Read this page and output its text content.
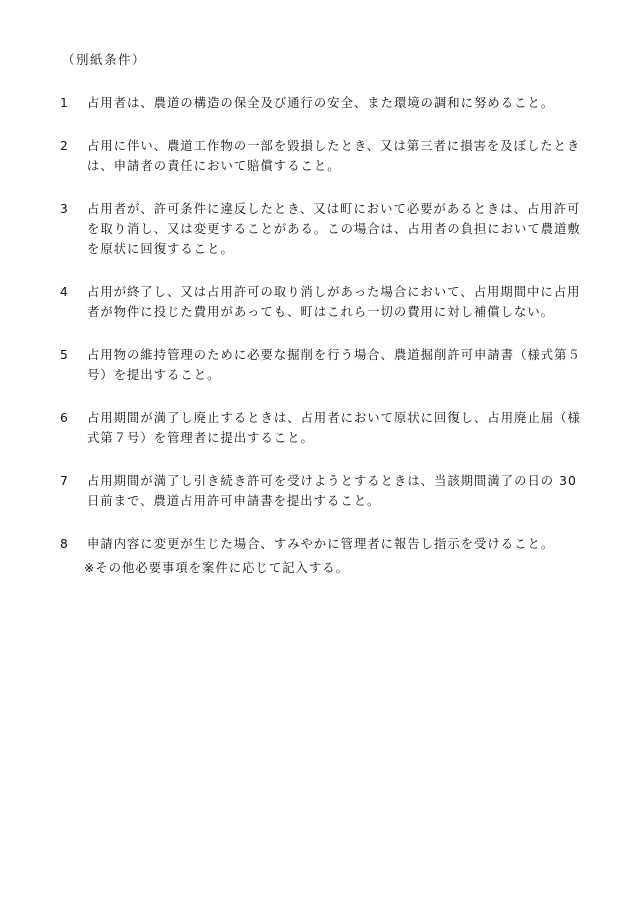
（別紙条件）
1 占用者は、農道の構造の保全及び通行の安全、また環境の調和に努めること。
2 占用に伴い、農道工作物の一部を毀損したとき、又は第三者に損害を及ぼしたときは、申請者の責任において賠償すること。
3 占用者が、許可条件に違反したとき、又は町において必要があるときは、占用許可を取り消し、又は変更することがある。この場合は、占用者の負担において農道敷を原状に回復すること。
4 占用が終了し、又は占用許可の取り消しがあった場合において、占用期間中に占用者が物件に投じた費用があっても、町はこれら一切の費用に対し補償しない。
5 占用物の維持管理のために必要な掘削を行う場合、農道掘削許可申請書（様式第５号）を提出すること。
6 占用期間が満了し廃止するときは、占用者において原状に回復し、占用廃止届（様式第７号）を管理者に提出すること。
7 占用期間が満了し引き続き許可を受けようとするときは、当該期間満了の日の 30 日前まで、農道占用許可申請書を提出すること。
8 申請内容に変更が生じた場合、すみやかに管理者に報告し指示を受けること。
※その他必要事項を案件に応じて記入する。
